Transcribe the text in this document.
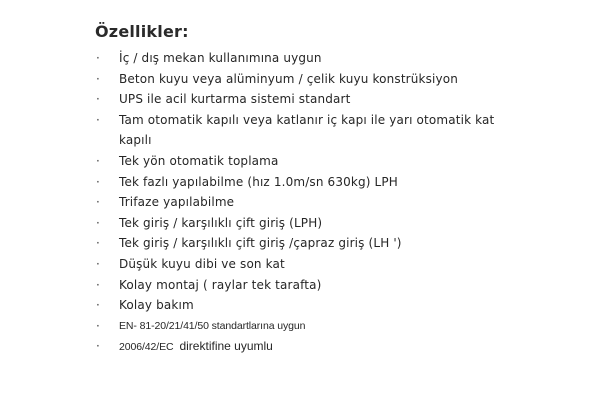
Özellikler:
·	İç / dış mekan kullanımına uygun
·	Beton kuyu veya alüminyum / çelik kuyu konstrüksiyon
·	UPS ile acil kurtarma sistemi standart
·	Tam otomatik kapılı veya katlanır iç kapı ile yarı otomatik kat kapılı
·	Tek yön otomatik toplama
·	Tek fazlı yapılabilme (hız 1.0m/sn 630kg) LPH
·	Trifaze yapılabilme
·	Tek giriş / karşılıklı çift giriş (LPH)
·	Tek giriş / karşılıklı çift giriş /çapraz giriş (LH ')
·	Düşük kuyu dibi ve son kat
·	Kolay montaj ( raylar tek tarafta)
·	Kolay bakım
·	EN- 81-20/21/41/50 standartlarına uygun
·	2006/42/EC direktifine uyumlu
